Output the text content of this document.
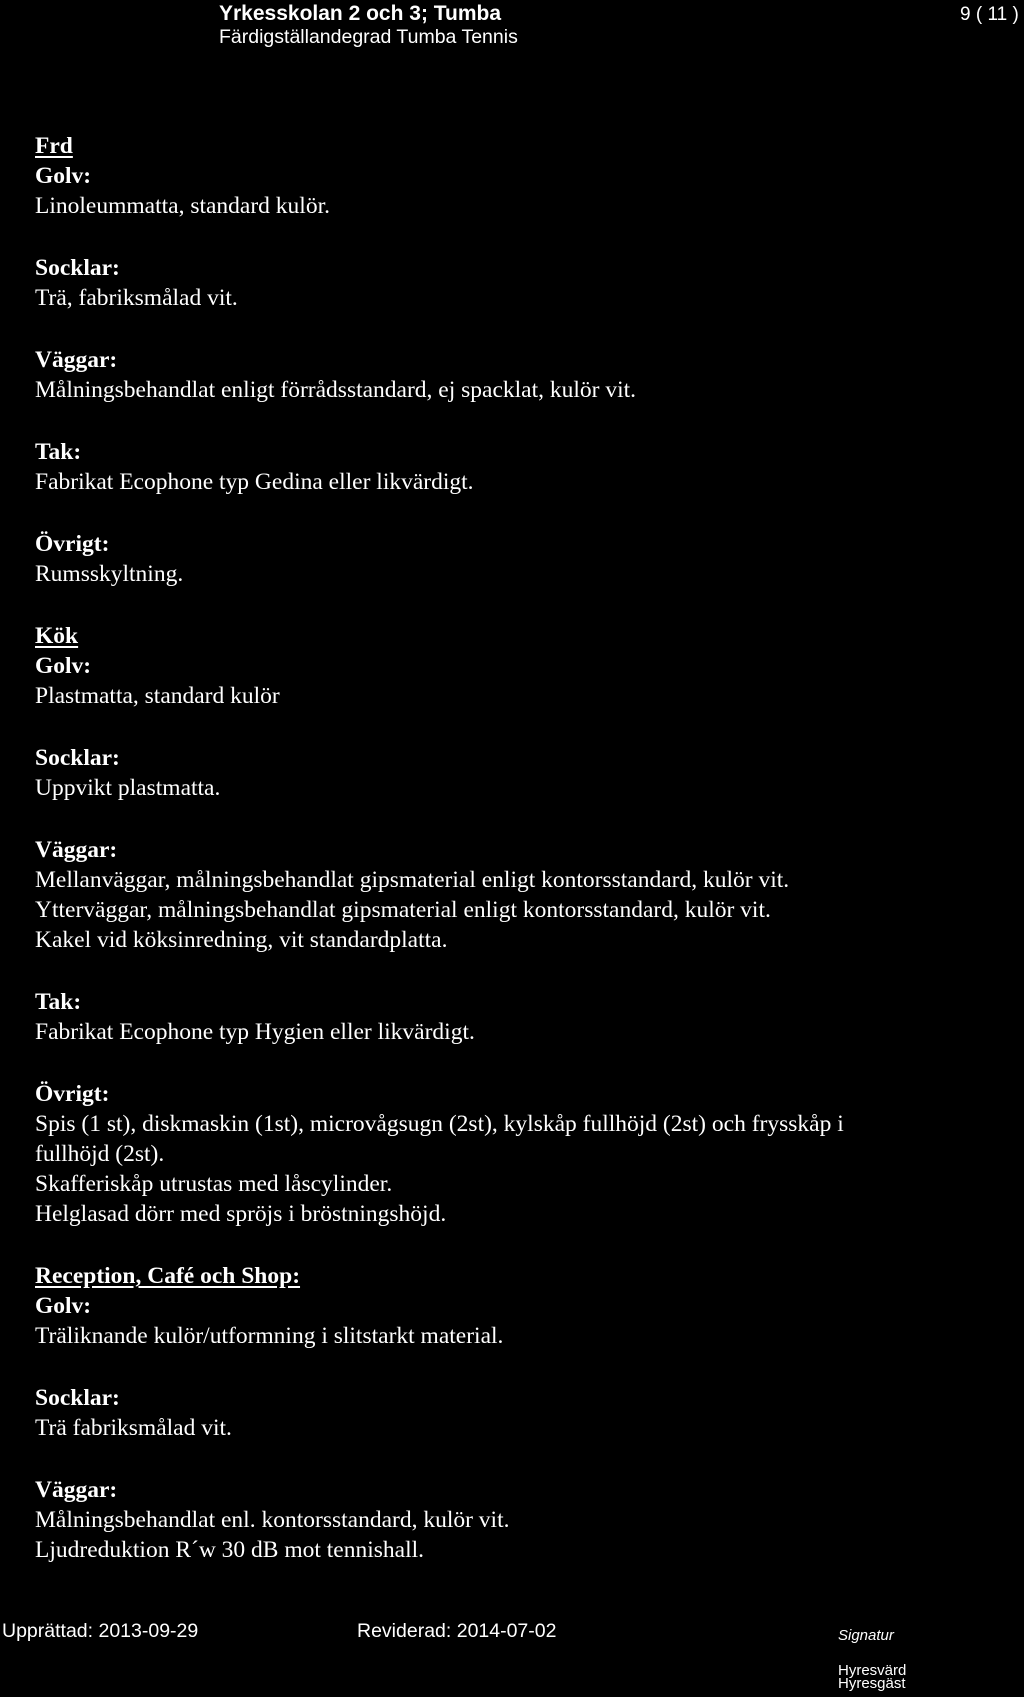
Yrkesskolan 2 och 3; Tumba
Färdigställandegrad Tumba Tennis
9 ( 11 )
Frd
Golv:
Linoleummatta, standard kulör.
Socklar:
Trä, fabriksmålad vit.
Väggar:
Målningsbehandlat enligt förrådsstandard, ej spacklat, kulör vit.
Tak:
Fabrikat Ecophone typ Gedina eller likvärdigt.
Övrigt:
Rumsskyltning.
Kök
Golv:
Plastmatta, standard kulör
Socklar:
Uppvikt plastmatta.
Väggar:
Mellanväggar, målningsbehandlat gipsmaterial enligt kontorsstandard, kulör vit.
Ytterväggar, målningsbehandlat gipsmaterial enligt kontorsstandard, kulör vit.
Kakel vid köksinredning, vit standardplatta.
Tak:
Fabrikat Ecophone typ Hygien eller likvärdigt.
Övrigt:
Spis (1 st), diskmaskin (1st), microvågsugn (2st), kylskåp fullhöjd (2st) och frysskåp i
fullhöjd (2st).
Skafferiskåp utrustas med låscylinder.
Helglasad dörr med spröjs i bröstningshöjd.
Reception, Café och Shop:
Golv:
Träliknande kulör/utformning i slitstarkt material.
Socklar:
Trä fabriksmålad vit.
Väggar:
Målningsbehandlat enl. kontorsstandard, kulör vit.
Ljudreduktion R´w 30 dB mot tennishall.
Upprättad: 2013-09-29	Reviderad: 2014-07-02	Signatur
Hyresvärd
Hyresgäst
